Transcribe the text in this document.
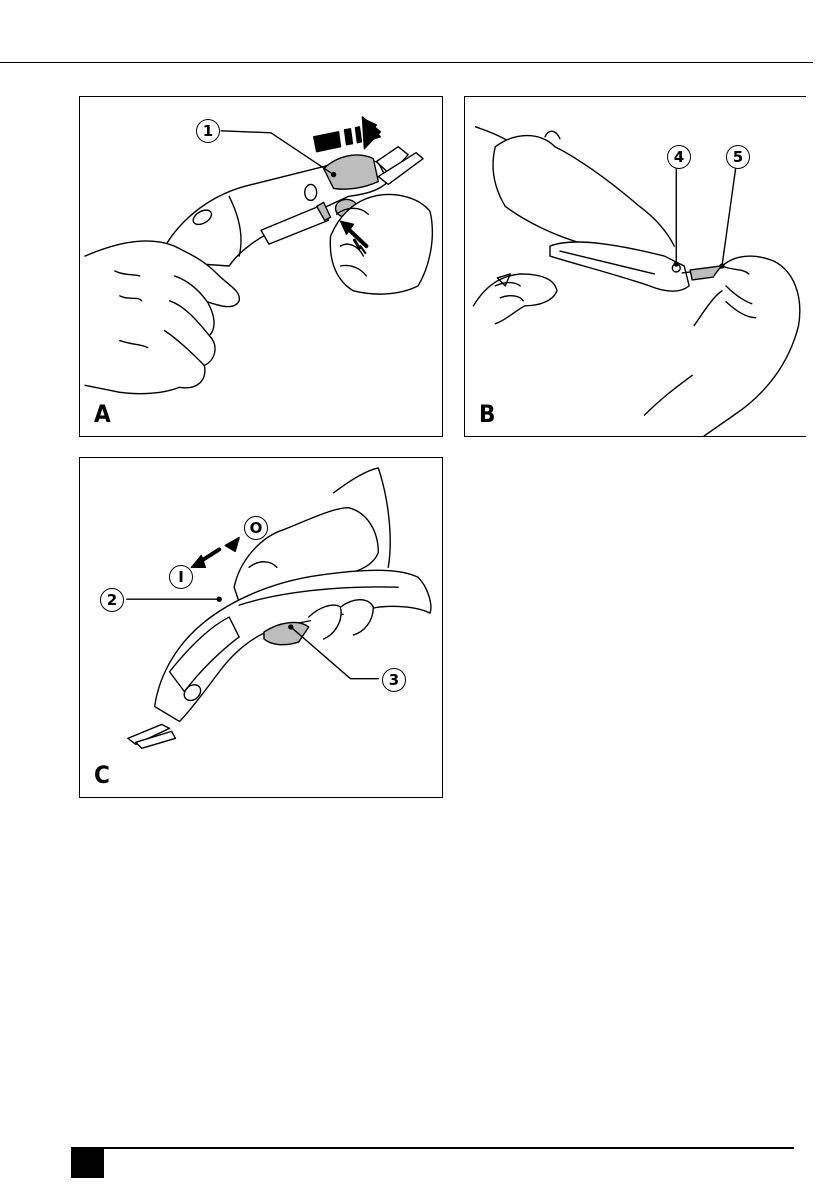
1
A
4	5
B
I
O
2
3
C
